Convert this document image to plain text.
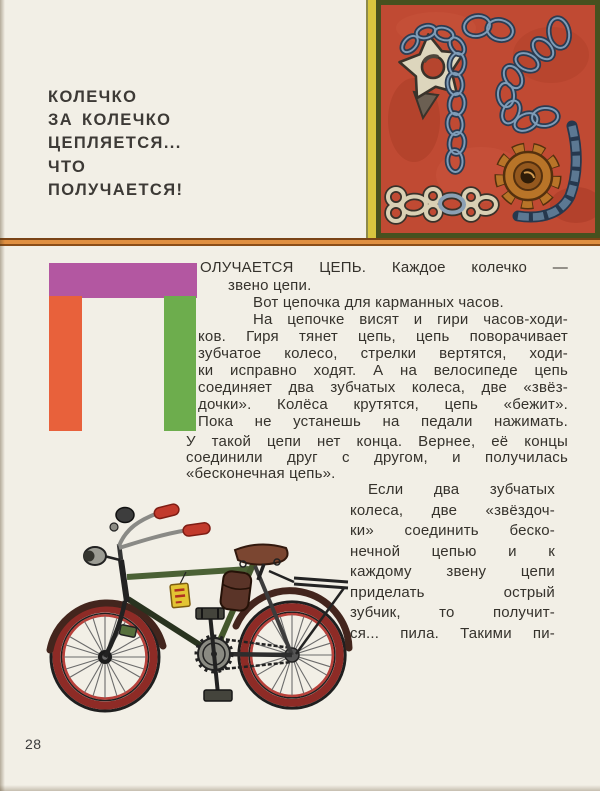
КОЛЕЧКО
ЗА КОЛЕЧКО
ЦЕПЛЯЕТСЯ...
ЧТО
ПОЛУЧАЕТСЯ!
ОЛУЧАЕТСЯ ЦЕПЬ. Каждое колечко —
звено цепи.
Вот цепочка для карманных часов.
На цепочке висят и гири часов-ходи-
ков. Гиря тянет цепь, цепь поворачивает
зубчатое колесо, стрелки вертятся, ходи-
ки исправно ходят. А на велосипеде цепь
соединяет два зубчатых колеса, две «звёз-
дочки». Колёса крутятся, цепь «бежит».
Пока не устанешь на педали нажимать.
У такой цепи нет конца. Вернее, её концы
соединили друг с другом, и получилась
«бесконечная цепь».
Если два зубчатых
колеса, две «звёздоч-
ки» соединить беско-
нечной цепью и к
каждому звену цепи
приделать острый
зубчик, то получит-
ся... пила. Такими пи-
28
